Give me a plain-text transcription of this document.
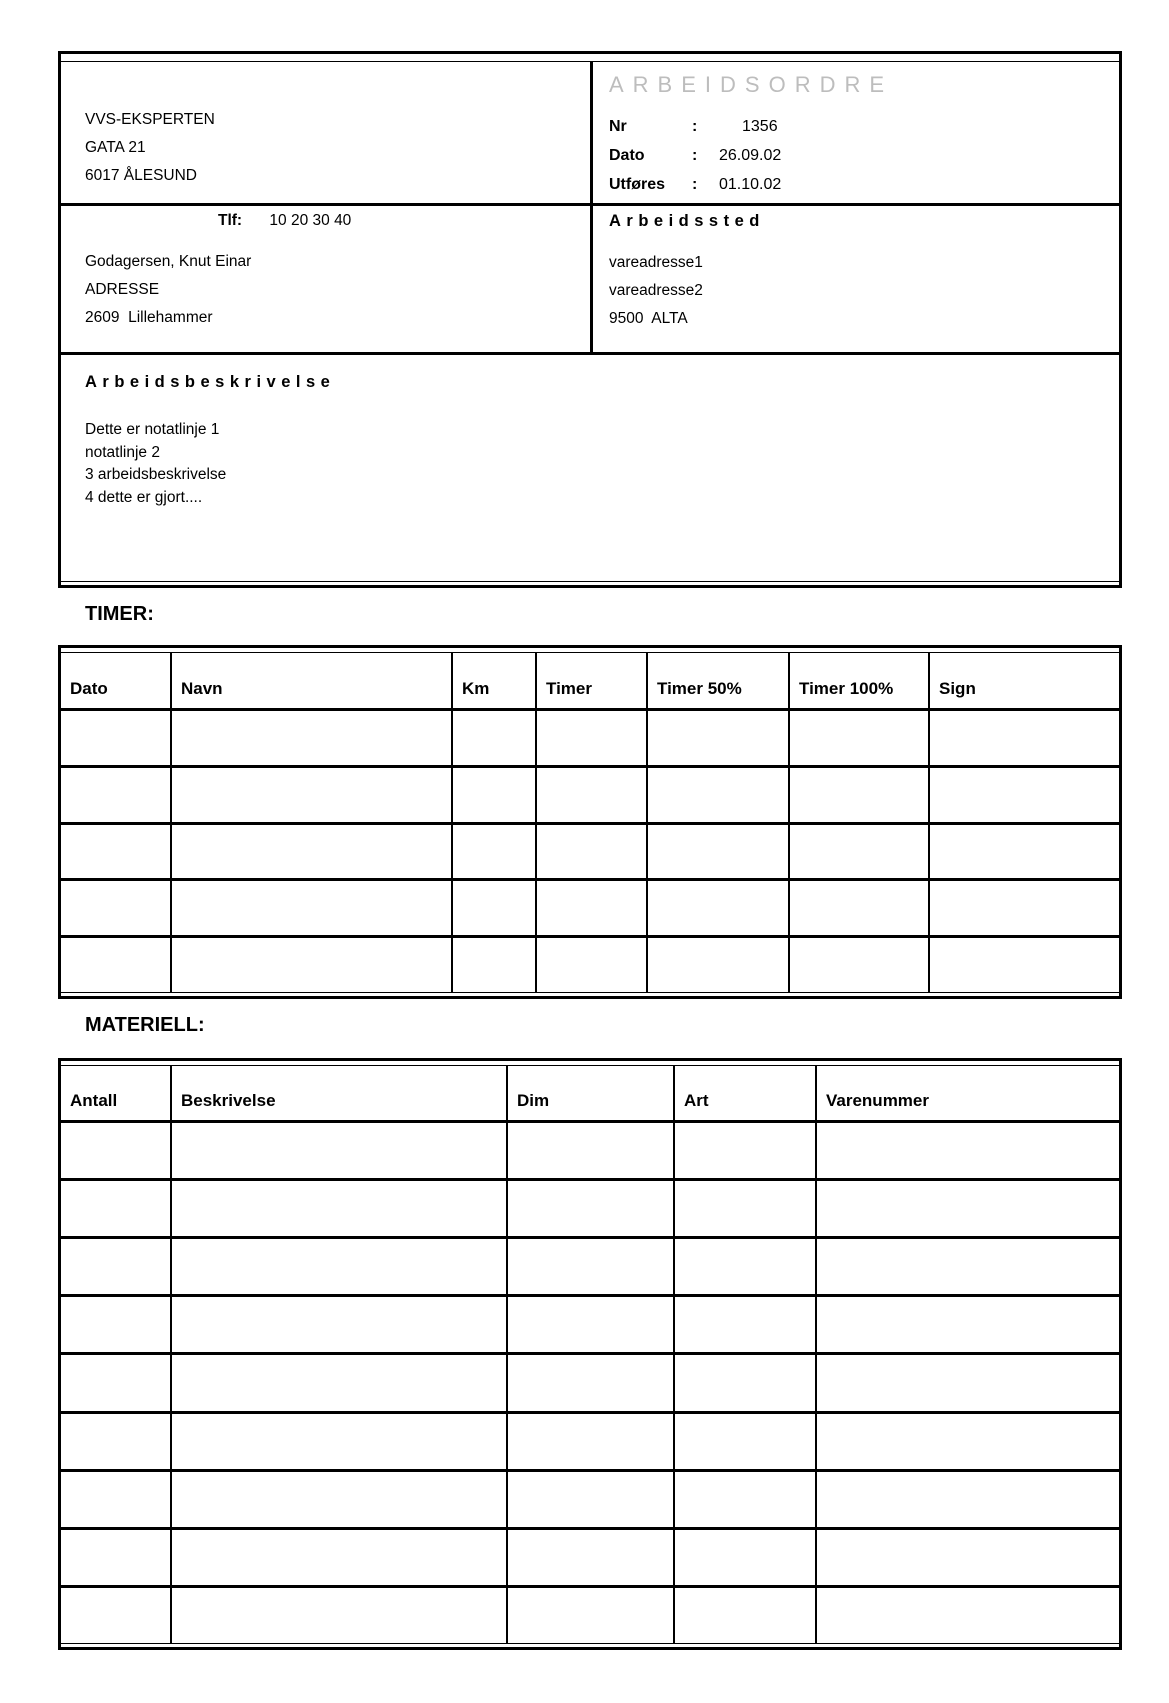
VVS-EKSPERTEN
GATA 21
6017 ÅLESUND
ARBEIDSORDRE
Nr	:	1356
Dato	:	26.09.02
Utføres	:	01.10.02
Tlf: 10 20 30 40
Godagersen, Knut Einar
ADRESSE
2609  Lillehammer
Arbeidssted
vareadresse1
vareadresse2
9500  ALTA
Arbeidsbeskrivelse
Dette er notatlinje 1
notatlinje 2
3 arbeidsbeskrivelse
4 dette er gjort....
TIMER:
Dato	Navn	Km	Timer	Timer 50%	Timer 100%	Sign
MATERIELL:
Antall	Beskrivelse	Dim	Art	Varenummer
